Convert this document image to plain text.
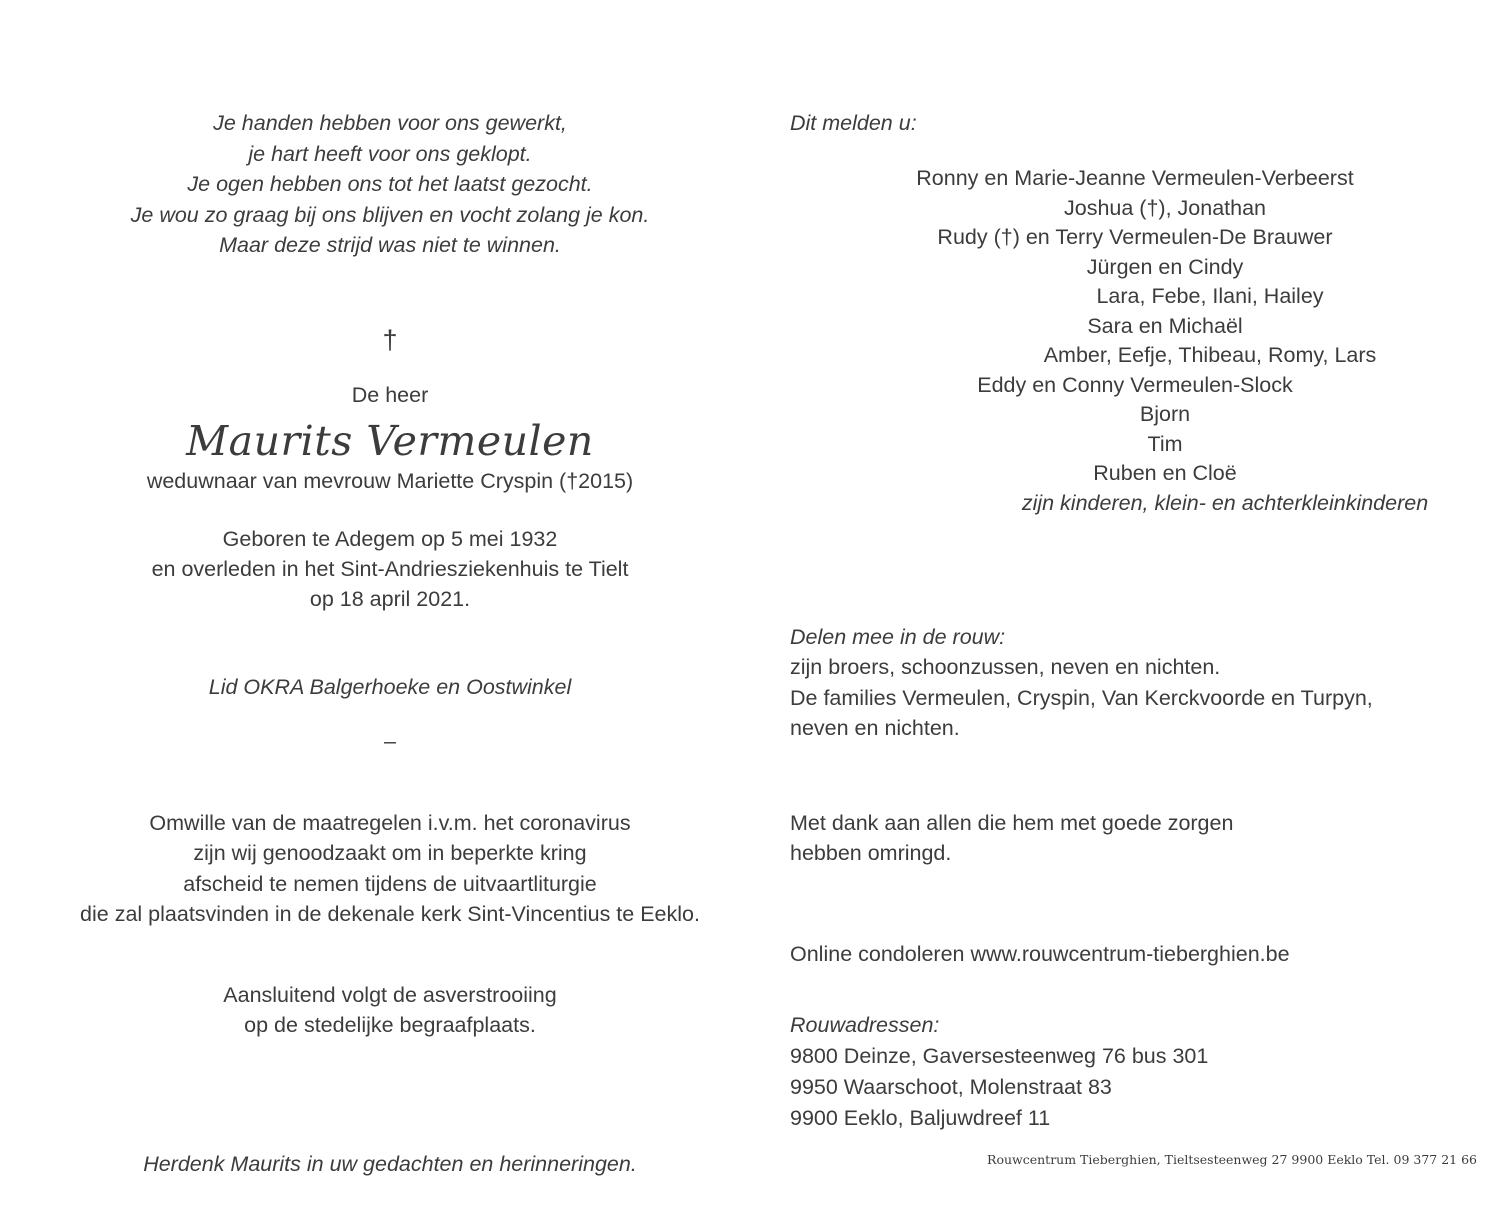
Je handen hebben voor ons gewerkt,
je hart heeft voor ons geklopt.
Je ogen hebben ons tot het laatst gezocht.
Je wou zo graag bij ons blijven en vocht zolang je kon.
Maar deze strijd was niet te winnen.
†
De heer
Maurits Vermeulen
weduwnaar van mevrouw Mariette Cryspin (†2015)
Geboren te Adegem op 5 mei 1932
en overleden in het Sint-Andriesziekenhuis te Tielt
op 18 april 2021.
Lid OKRA Balgerhoeke en Oostwinkel
–
Omwille van de maatregelen i.v.m. het coronavirus
zijn wij genoodzaakt om in beperkte kring
afscheid te nemen tijdens de uitvaartliturgie
die zal plaatsvinden in de dekenale kerk Sint-Vincentius te Eeklo.
Aansluitend volgt de asverstrooiing
op de stedelijke begraafplaats.
Herdenk Maurits in uw gedachten en herinneringen.
Dit melden u:
Ronny en Marie-Jeanne Vermeulen-Verbeerst
Joshua (†), Jonathan
Rudy (†) en Terry Vermeulen-De Brauwer
Jürgen en Cindy
Lara, Febe, Ilani, Hailey
Sara en Michaël
Amber, Eefje, Thibeau, Romy, Lars
Eddy en Conny Vermeulen-Slock
Bjorn
Tim
Ruben en Cloë
zijn kinderen, klein- en achterkleinkinderen
Delen mee in de rouw:

zijn broers, schoonzussen, neven en nichten.

De families Vermeulen, Cryspin, Van Kerckvoorde en Turpyn,

neven en nichten.

Met dank aan allen die hem met goede zorgen
hebben omringd.
Online condoleren www.rouwcentrum-tieberghien.be
Rouwadressen:

9800 Deinze, Gaversesteenweg 76 bus 301

9950 Waarschoot, Molenstraat 83

9900 Eeklo, Baljuwdreef 11

Rouwcentrum Tieberghien, Tieltsesteenweg 27 9900 Eeklo Tel. 09 377 21 66
